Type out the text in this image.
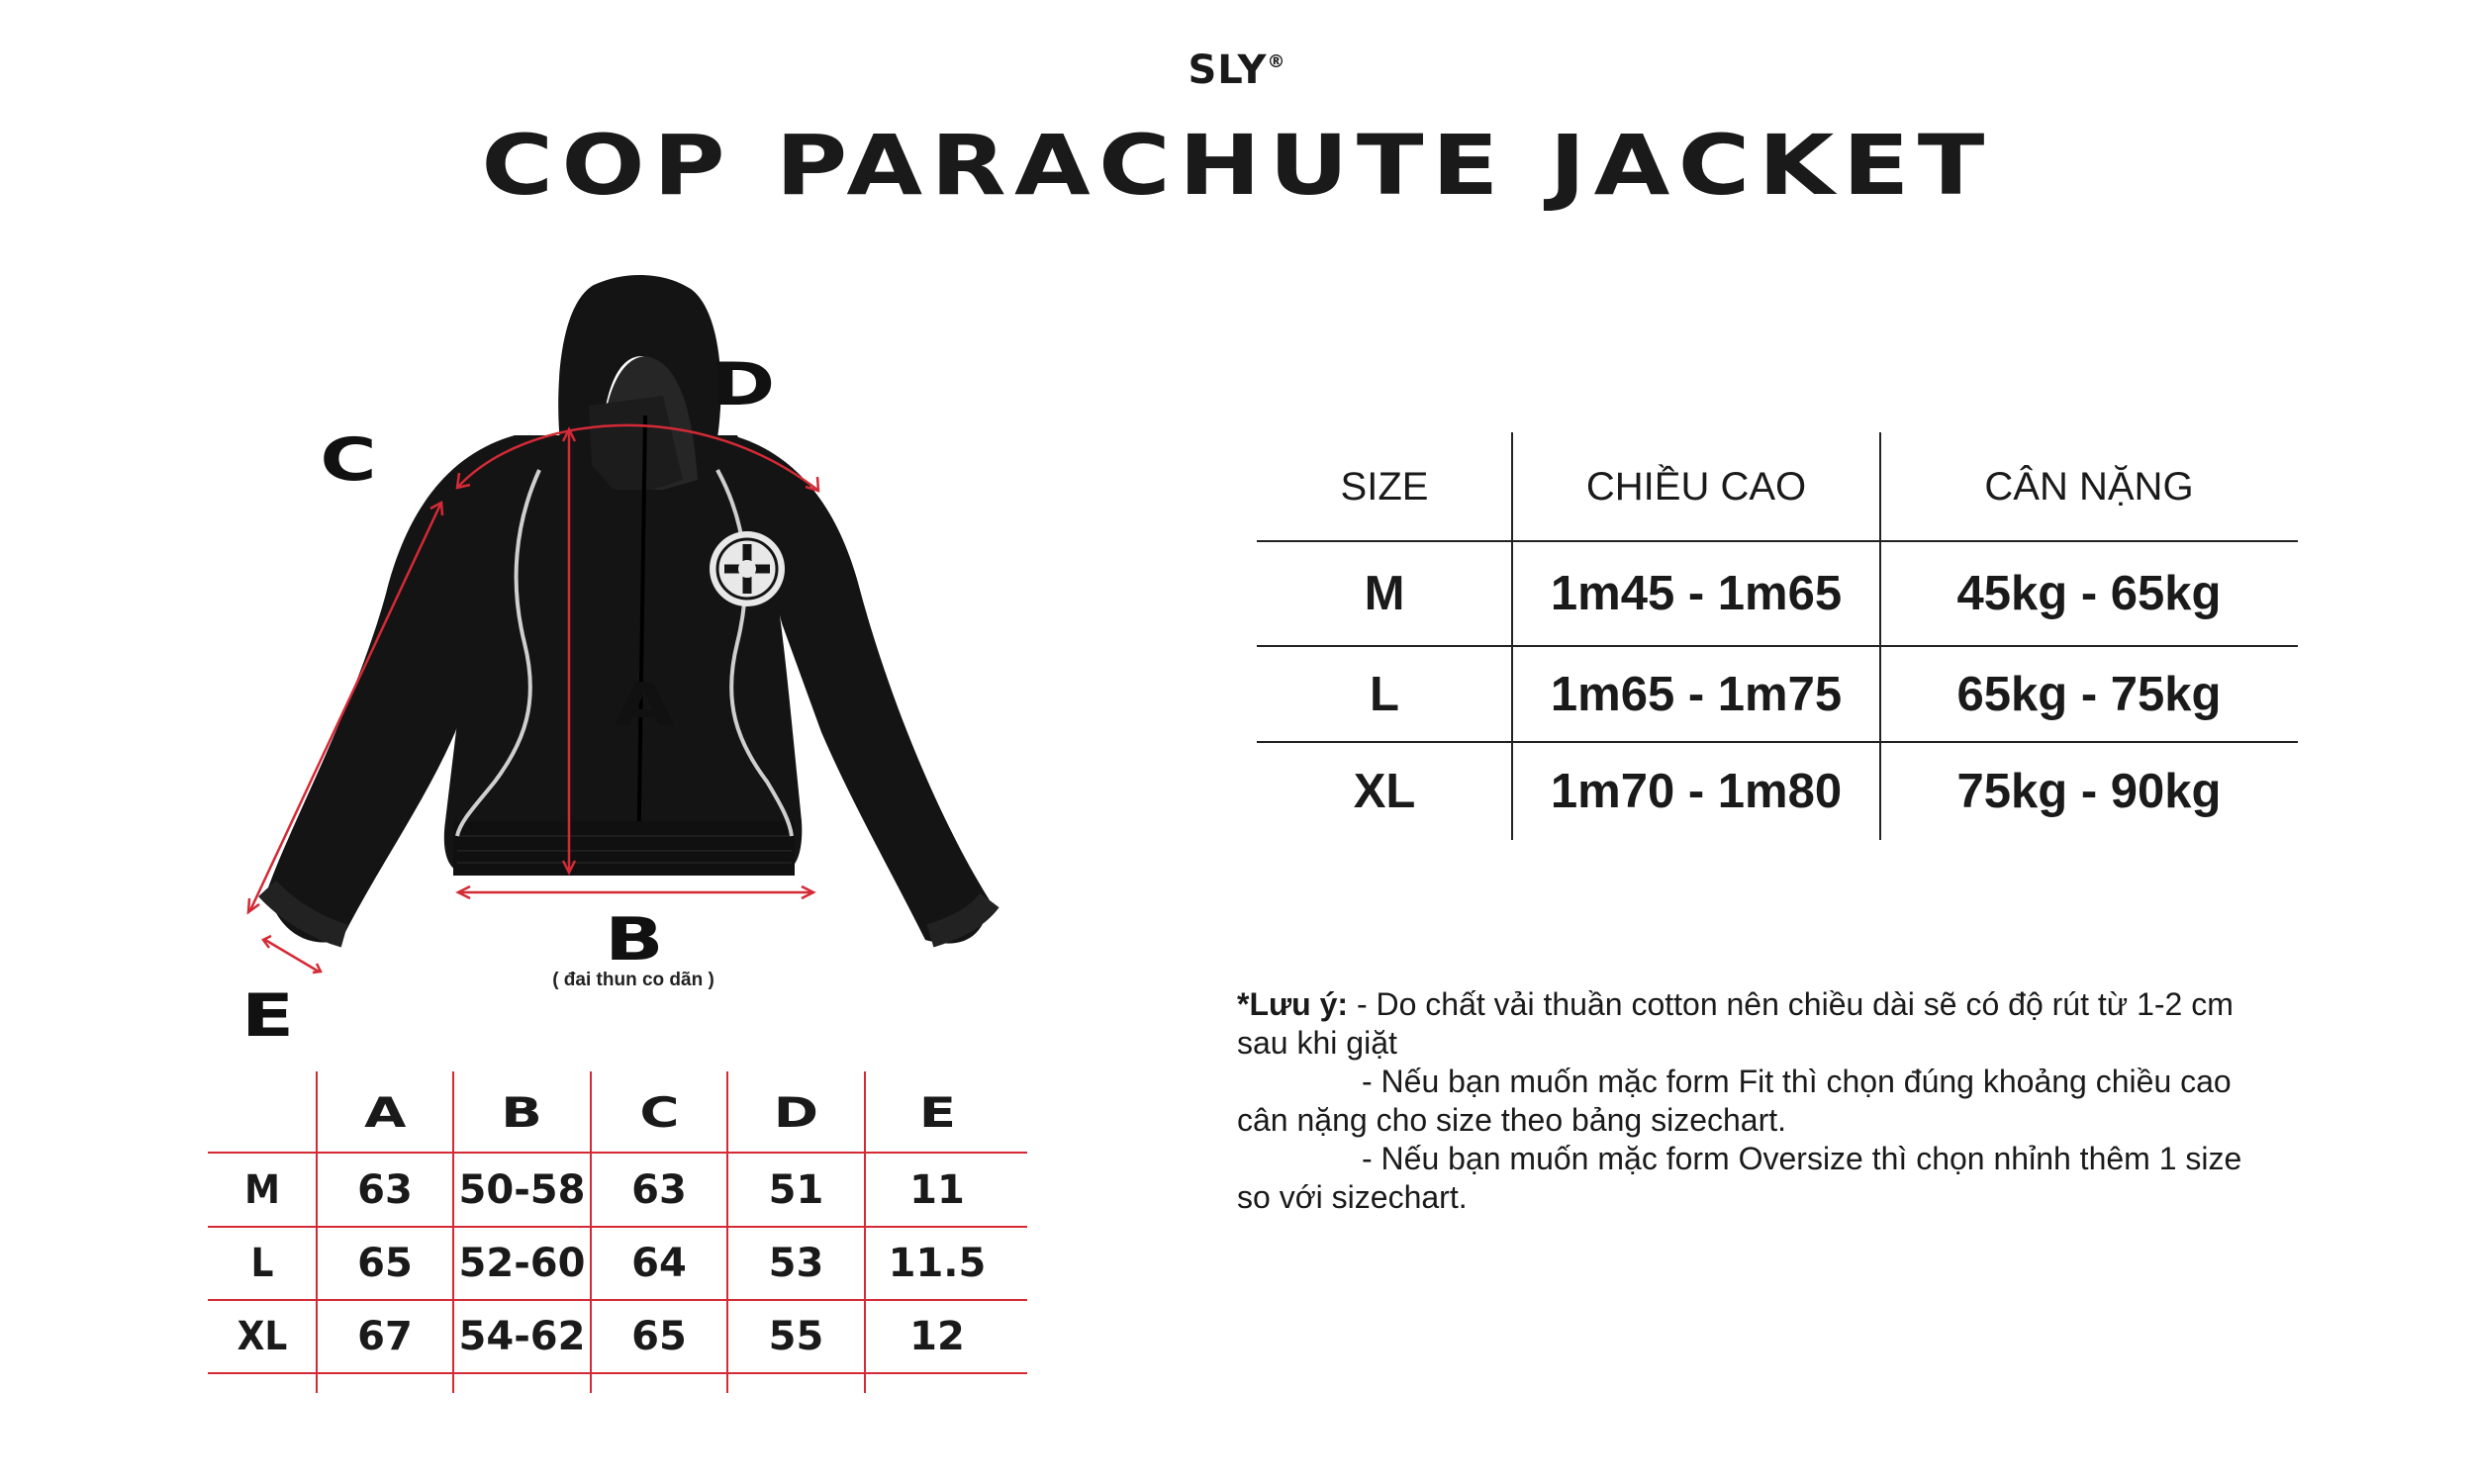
SLY®
COP PARACHUTE JACKET
A
B
C
D
E
( đai thun co dãn )
SIZE	CHIỀU CAO	CÂN NẶNG
M	1m45 - 1m65	45kg - 65kg
L	1m65 - 1m75	65kg - 75kg
XL	1m70 - 1m80	75kg - 90kg
A B C D E
M	63	50-58	63	51	11
L	65	52-60	64	53	11.5
XL	67	54-62	65	55	12

*Lưu ý: - Do chất vải thuần cotton nên chiều dài sẽ có độ rút từ 1-2 cm

sau khi giặt

- Nếu bạn muốn mặc form Fit thì chọn đúng khoảng chiều cao

cân nặng cho size theo bảng sizechart.

- Nếu bạn muốn mặc form Oversize thì chọn nhỉnh thêm 1 size

so với sizechart.
